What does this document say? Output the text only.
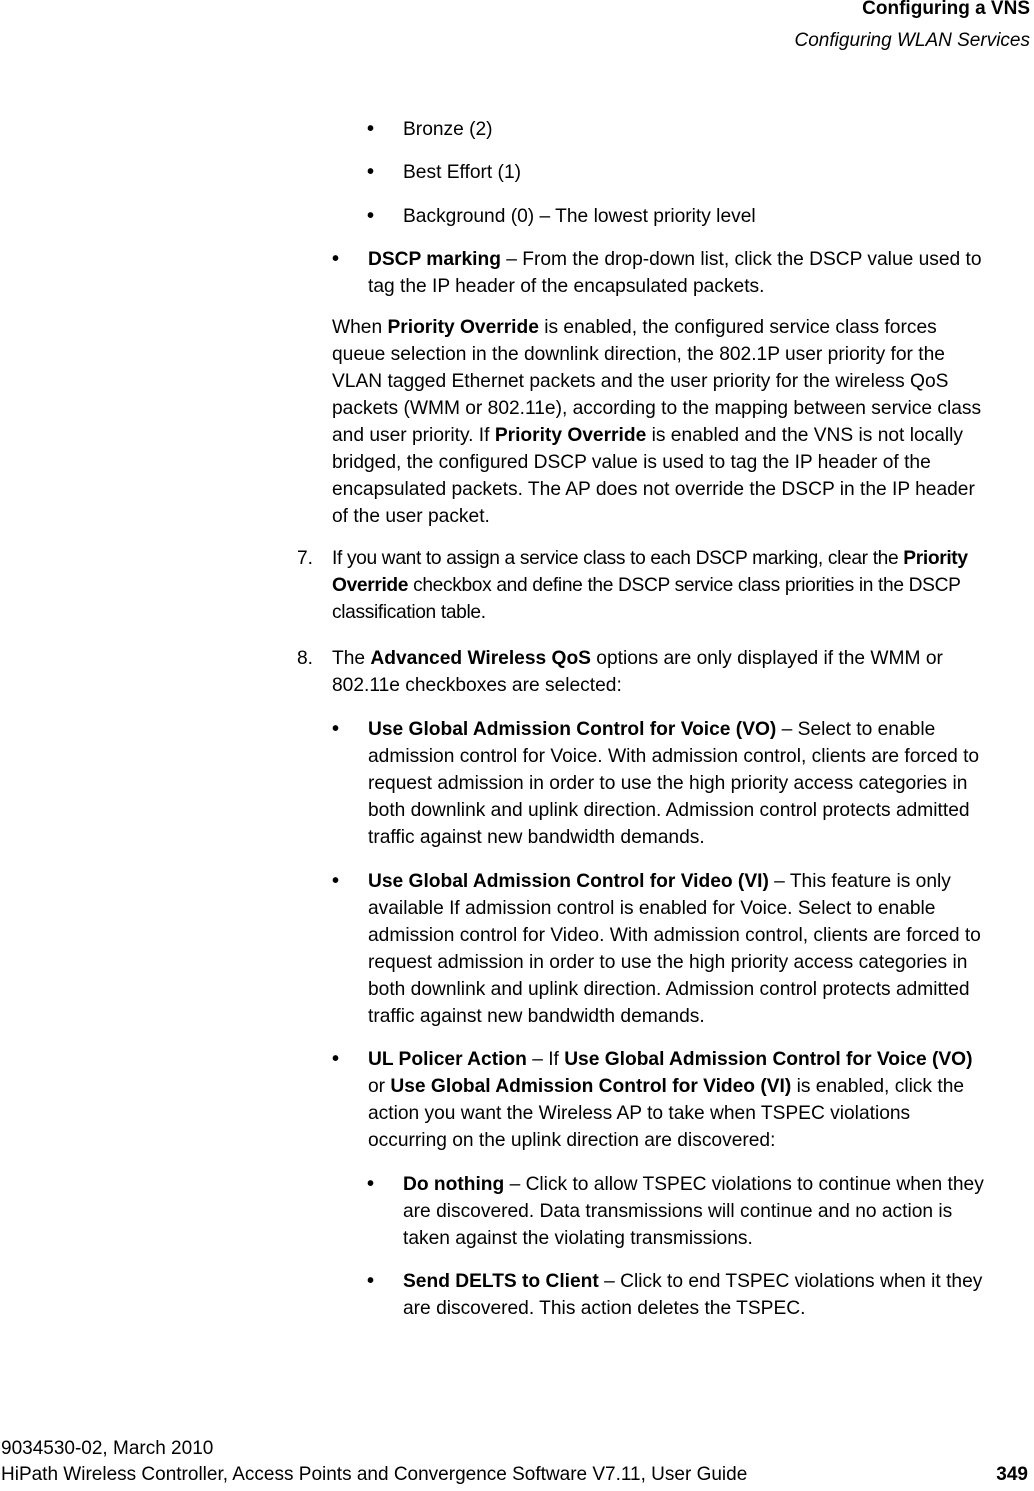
Configuring a VNS
Configuring WLAN Services
• Bronze (2)
• Best Effort (1)
• Background (0) – The lowest priority level
• DSCP marking – From the drop-down list, click the DSCP value used to
tag the IP header of the encapsulated packets.
When Priority Override is enabled, the configured service class forces
queue selection in the downlink direction, the 802.1P user priority for the
VLAN tagged Ethernet packets and the user priority for the wireless QoS
packets (WMM or 802.11e), according to the mapping between service class
and user priority. If Priority Override is enabled and the VNS is not locally
bridged, the configured DSCP value is used to tag the IP header of the
encapsulated packets. The AP does not override the DSCP in the IP header
of the user packet.
7. If you want to assign a service class to each DSCP marking, clear the Priority
Override checkbox and define the DSCP service class priorities in the DSCP
classification table.
8. The Advanced Wireless QoS options are only displayed if the WMM or
802.11e checkboxes are selected:
• Use Global Admission Control for Voice (VO) – Select to enable
admission control for Voice. With admission control, clients are forced to
request admission in order to use the high priority access categories in
both downlink and uplink direction. Admission control protects admitted
traffic against new bandwidth demands.
• Use Global Admission Control for Video (VI) – This feature is only
available If admission control is enabled for Voice. Select to enable
admission control for Video. With admission control, clients are forced to
request admission in order to use the high priority access categories in
both downlink and uplink direction. Admission control protects admitted
traffic against new bandwidth demands.
• UL Policer Action – If Use Global Admission Control for Voice (VO)
or Use Global Admission Control for Video (VI) is enabled, click the
action you want the Wireless AP to take when TSPEC violations
occurring on the uplink direction are discovered:
• Do nothing – Click to allow TSPEC violations to continue when they
are discovered. Data transmissions will continue and no action is
taken against the violating transmissions.
• Send DELTS to Client – Click to end TSPEC violations when it they
are discovered. This action deletes the TSPEC.
9034530-02, March 2010
HiPath Wireless Controller, Access Points and Convergence Software V7.11, User Guide	349
